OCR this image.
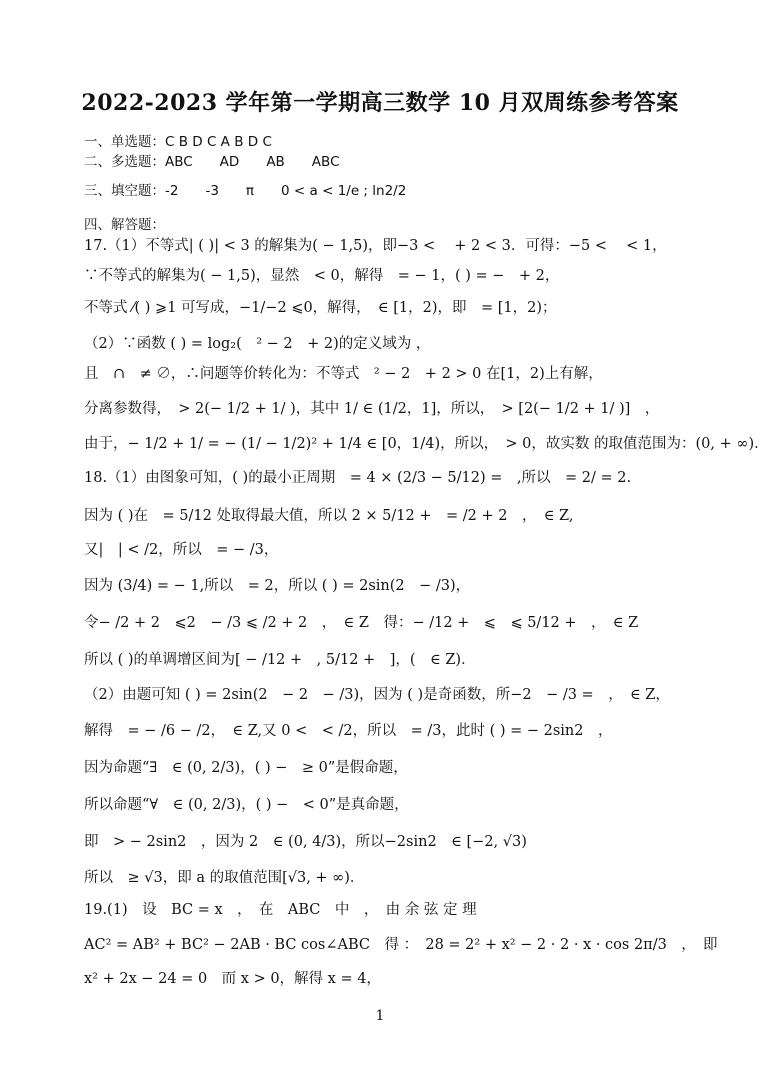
2022-2023 学年第一学期高三数学 10 月双周练参考答案
一、单选题：C B D C A B D C
二、多选题：ABC　　AD　　AB　　ABC
三、填空题：-2　　-3　　π　　0 < a < 1/e ; ln2/2
四、解答题：
17.（1）不等式| ( )| < 3 的解集为( − 1,5)，即−3 <　 + 2 < 3．可得：−5 <　 < 1，
∵不等式的解集为( − 1,5)，显然　< 0，解得　= − 1，( ) = −　+ 2，
不等式 ⁄( ) ⩾1 可写成，−1/−2 ⩽0，解得，　∈ [1，2)，即　= [1，2)；
（2）∵函数 ( ) = log₂(　² − 2　+ 2)的定义域为 ，
且　∩　≠ ∅，∴问题等价转化为：不等式　² − 2　+ 2 > 0 在[1，2)上有解，
分离参数得，　> 2(− 1/2 + 1/ )，其中 1/ ∈ (1/2，1]，所以，　> [2(− 1/2 + 1/ )]　，
由于，− 1/2 + 1/ = − (1/ − 1/2)² + 1/4 ∈ [0，1/4)，所以，　> 0，故实数 的取值范围为：(0, + ∞)．
18.（1）由图象可知，( )的最小正周期　= 4 × (2/3 − 5/12) =　,所以　= 2/ = 2.
因为 ( )在　= 5/12 处取得最大值，所以 2 × 5/12 +　= /2 + 2　，　∈ Z,
又|　| < /2，所以　= − /3，
因为 (3/4) = − 1,所以　= 2，所以 ( ) = 2sin(2　− /3)，
令− /2 + 2　⩽2　− /3 ⩽ /2 + 2　，　∈ Z　得：− /12 +　⩽　⩽ 5/12 +　，　∈ Z
所以 ( )的单调增区间为[ − /12 +　, 5/12 +　]，(　∈ Z)．
（2）由题可知 ( ) = 2sin(2　− 2　− /3)，因为 ( )是奇函数，所−2　− /3 =　，　∈ Z，
解得　= − /6 − /2，　∈ Z,又 0 <　< /2，所以　= /3，此时 ( ) = − 2sin2　，
因为命题“∃　∈ (0, 2/3)，( ) −　≥ 0”是假命题，
所以命题“∀　∈ (0, 2/3)，( ) −　< 0”是真命题，
即　> − 2sin2　，因为 2　∈ (0, 4/3)，所以−2sin2　∈ [−2, √3)
所以　≥ √3，即 a 的取值范围[√3, + ∞)．
19.(1)　设　BC = x　，　在　ABC　中　，　由 余 弦 定 理
AC² = AB² + BC² − 2AB · BC cos∠ABC　得 ：　28 = 2² + x² − 2 · 2 · x · cos 2π/3　，　即
x² + 2x − 24 = 0　而 x > 0，解得 x = 4，
1
